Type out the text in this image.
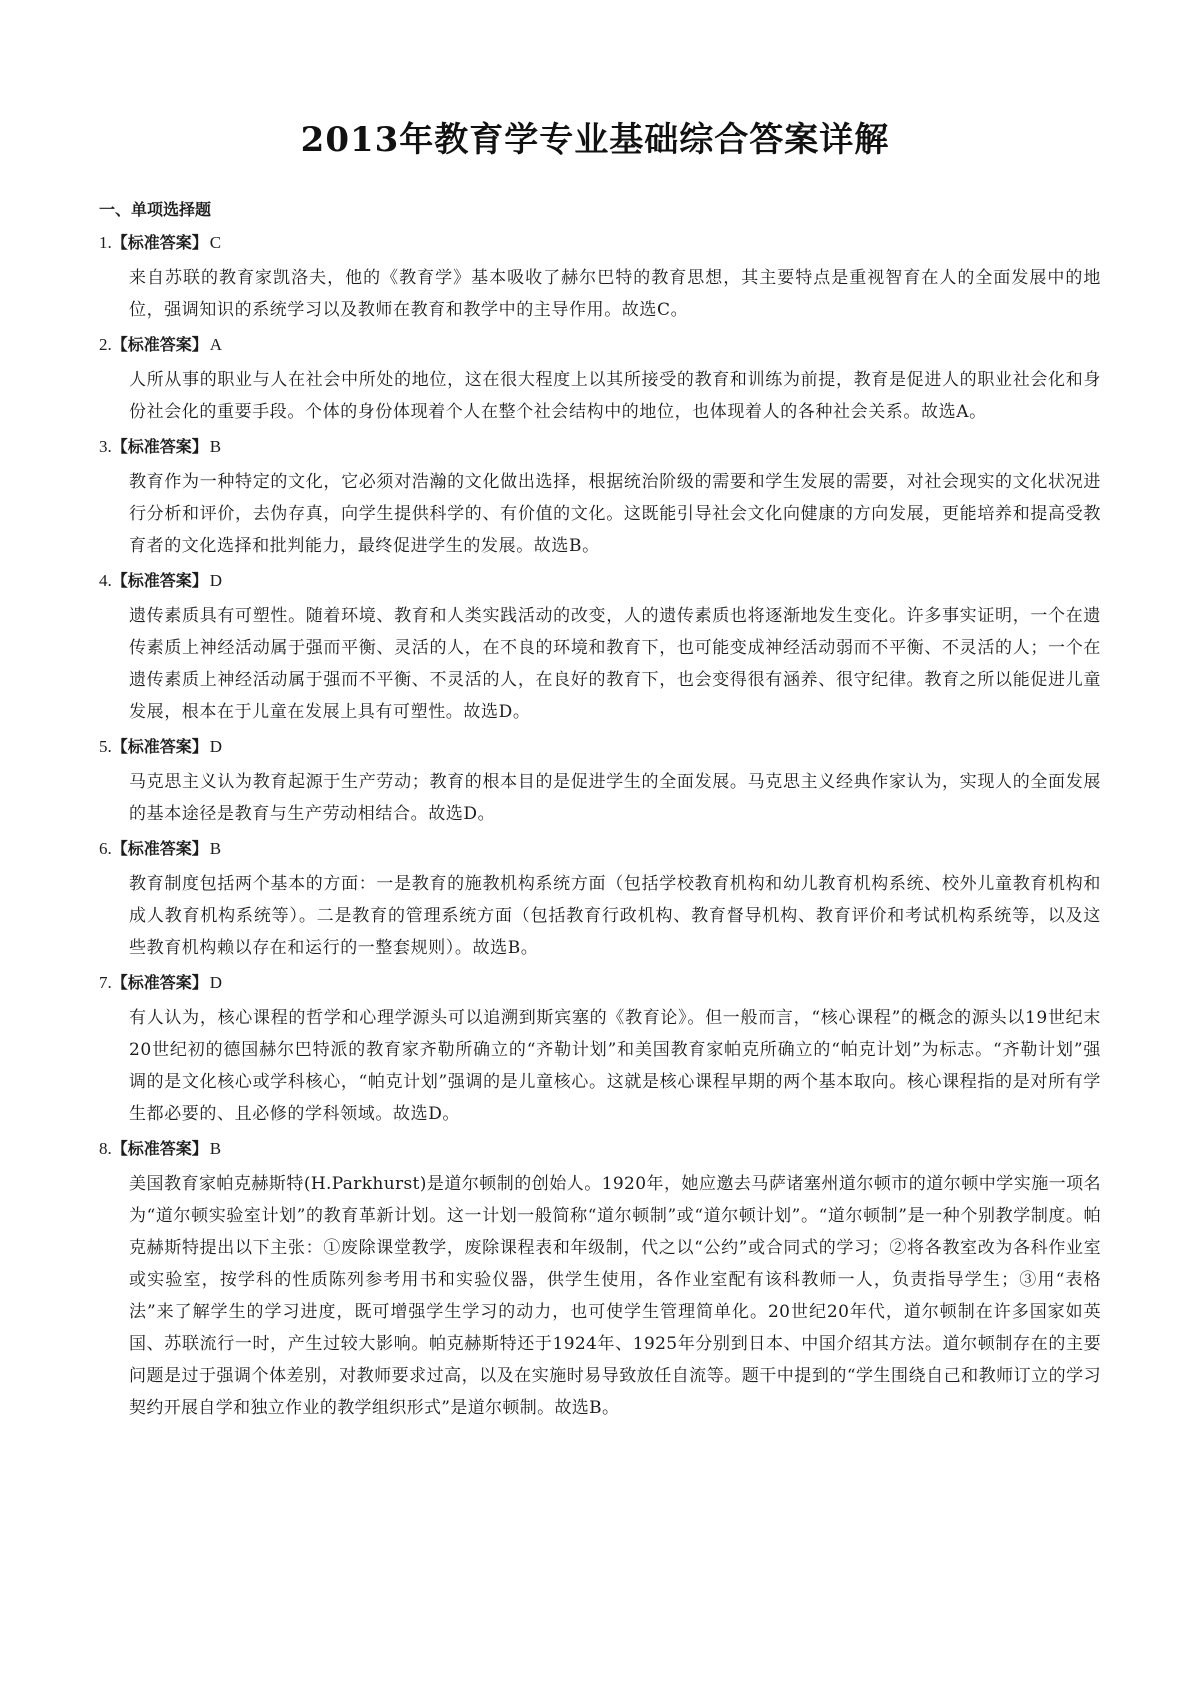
2013年教育学专业基础综合答案详解
一、单项选择题
1.【标准答案】 C

来自苏联的教育家凯洛夫，他的《教育学》基本吸收了赫尔巴特的教育思想，其主要特点是重视智育在人的全面发展中的地位，强调知识的系统学习以及教师在教育和教学中的主导作用。故选C。

2.【标准答案】 A

人所从事的职业与人在社会中所处的地位，这在很大程度上以其所接受的教育和训练为前提，教育是促进人的职业社会化和身份社会化的重要手段。个体的身份体现着个人在整个社会结构中的地位，也体现着人的各种社会关系。故选A。

3.【标准答案】 B

教育作为一种特定的文化，它必须对浩瀚的文化做出选择，根据统治阶级的需要和学生发展的需要，对社会现实的文化状况进行分析和评价，去伪存真，向学生提供科学的、有价值的文化。这既能引导社会文化向健康的方向发展，更能培养和提高受教育者的文化选择和批判能力，最终促进学生的发展。故选B。

4.【标准答案】 D

遗传素质具有可塑性。随着环境、教育和人类实践活动的改变，人的遗传素质也将逐渐地发生变化。许多事实证明，一个在遗传素质上神经活动属于强而平衡、灵活的人，在不良的环境和教育下，也可能变成神经活动弱而不平衡、不灵活的人；一个在遗传素质上神经活动属于强而不平衡、不灵活的人，在良好的教育下，也会变得很有涵养、很守纪律。教育之所以能促进儿童发展，根本在于儿童在发展上具有可塑性。故选D。

5.【标准答案】 D

马克思主义认为教育起源于生产劳动；教育的根本目的是促进学生的全面发展。马克思主义经典作家认为，实现人的全面发展的基本途径是教育与生产劳动相结合。故选D。

6.【标准答案】 B

教育制度包括两个基本的方面：一是教育的施教机构系统方面（包括学校教育机构和幼儿教育机构系统、校外儿童教育机构和成人教育机构系统等）。二是教育的管理系统方面（包括教育行政机构、教育督导机构、教育评价和考试机构系统等，以及这些教育机构赖以存在和运行的一整套规则）。故选B。

7.【标准答案】 D

有人认为，核心课程的哲学和心理学源头可以追溯到斯宾塞的《教育论》。但一般而言，“核心课程”的概念的源头以19世纪末20世纪初的德国赫尔巴特派的教育家齐勒所确立的“齐勒计划”和美国教育家帕克所确立的“帕克计划”为标志。“齐勒计划”强调的是文化核心或学科核心，“帕克计划”强调的是儿童核心。这就是核心课程早期的两个基本取向。核心课程指的是对所有学生都必要的、且必修的学科领域。故选D。

8.【标准答案】 B

美国教育家帕克赫斯特(H.Parkhurst)是道尔顿制的创始人。1920年，她应邀去马萨诸塞州道尔顿市的道尔顿中学实施一项名为“道尔顿实验室计划”的教育革新计划。这一计划一般简称“道尔顿制”或“道尔顿计划”。“道尔顿制”是一种个别教学制度。帕克赫斯特提出以下主张：①废除课堂教学，废除课程表和年级制，代之以“公约”或合同式的学习；②将各教室改为各科作业室或实验室，按学科的性质陈列参考用书和实验仪器，供学生使用，各作业室配有该科教师一人，负责指导学生；③用“表格法”来了解学生的学习进度，既可增强学生学习的动力，也可使学生管理简单化。20世纪20年代，道尔顿制在许多国家如英国、苏联流行一时，产生过较大影响。帕克赫斯特还于1924年、1925年分别到日本、中国介绍其方法。道尔顿制存在的主要问题是过于强调个体差别，对教师要求过高，以及在实施时易导致放任自流等。题干中提到的“学生围绕自己和教师订立的学习契约开展自学和独立作业的教学组织形式”是道尔顿制。故选B。
